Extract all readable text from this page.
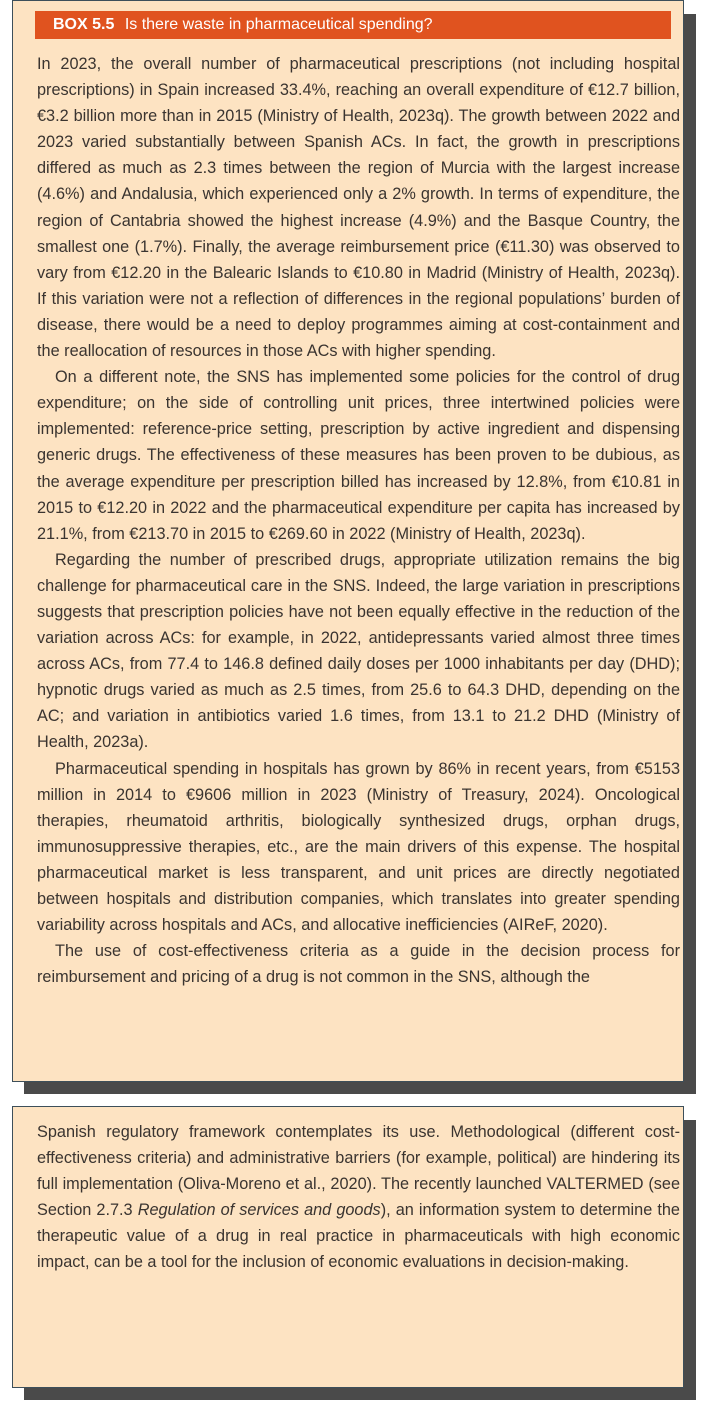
BOX 5.5 Is there waste in pharmaceutical spending?

In 2023, the overall number of pharmaceutical prescriptions (not including hospital prescriptions) in Spain increased 33.4%, reaching an overall expenditure of €12.7 billion, €3.2 billion more than in 2015 (Ministry of Health, 2023q). The growth between 2022 and 2023 varied substantially between Spanish ACs. In fact, the growth in prescriptions differed as much as 2.3 times between the region of Murcia with the largest increase (4.6%) and Andalusia, which experienced only a 2% growth. In terms of expenditure, the region of Cantabria showed the highest increase (4.9%) and the Basque Country, the smallest one (1.7%). Finally, the average reimbursement price (€11.30) was observed to vary from €12.20 in the Balearic Islands to €10.80 in Madrid (Ministry of Health, 2023q). If this variation were not a reflection of differences in the regional populations’ burden of disease, there would be a need to deploy programmes aiming at cost-containment and the reallocation of resources in those ACs with higher spending.

On a different note, the SNS has implemented some policies for the control of drug expenditure; on the side of controlling unit prices, three intertwined policies were implemented: reference-price setting, prescription by active ingredient and dispensing generic drugs. The effectiveness of these measures has been proven to be dubious, as the average expenditure per prescription billed has increased by 12.8%, from €10.81 in 2015 to €12.20 in 2022 and the pharmaceutical expenditure per capita has increased by 21.1%, from €213.70 in 2015 to €269.60 in 2022 (Ministry of Health, 2023q).

Regarding the number of prescribed drugs, appropriate utilization remains the big challenge for pharmaceutical care in the SNS. Indeed, the large variation in prescriptions suggests that prescription policies have not been equally effective in the reduction of the variation across ACs: for example, in 2022, antidepressants varied almost three times across ACs, from 77.4 to 146.8 defined daily doses per 1000 inhabitants per day (DHD); hypnotic drugs varied as much as 2.5 times, from 25.6 to 64.3 DHD, depending on the AC; and variation in antibiotics varied 1.6 times, from 13.1 to 21.2 DHD (Ministry of Health, 2023a).

Pharmaceutical spending in hospitals has grown by 86% in recent years, from €5153 million in 2014 to €9606 million in 2023 (Ministry of Treasury, 2024). Oncological therapies, rheumatoid arthritis, biologically synthesized drugs, orphan drugs, immunosuppressive therapies, etc., are the main drivers of this expense. The hospital pharmaceutical market is less transparent, and unit prices are directly negotiated between hospitals and distribution companies, which translates into greater spending variability across hospitals and ACs, and allocative inefficiencies (AIReF, 2020).

The use of cost-effectiveness criteria as a guide in the decision process for reimbursement and pricing of a drug is not common in the SNS, although the

Spanish regulatory framework contemplates its use. Methodological (different cost-effectiveness criteria) and administrative barriers (for example, political) are hindering its full implementation (Oliva-Moreno et al., 2020). The recently launched VALTERMED (see Section 2.7.3 Regulation of services and goods), an information system to determine the therapeutic value of a drug in real practice in pharmaceuticals with high economic impact, can be a tool for the inclusion of economic evaluations in decision-making.
